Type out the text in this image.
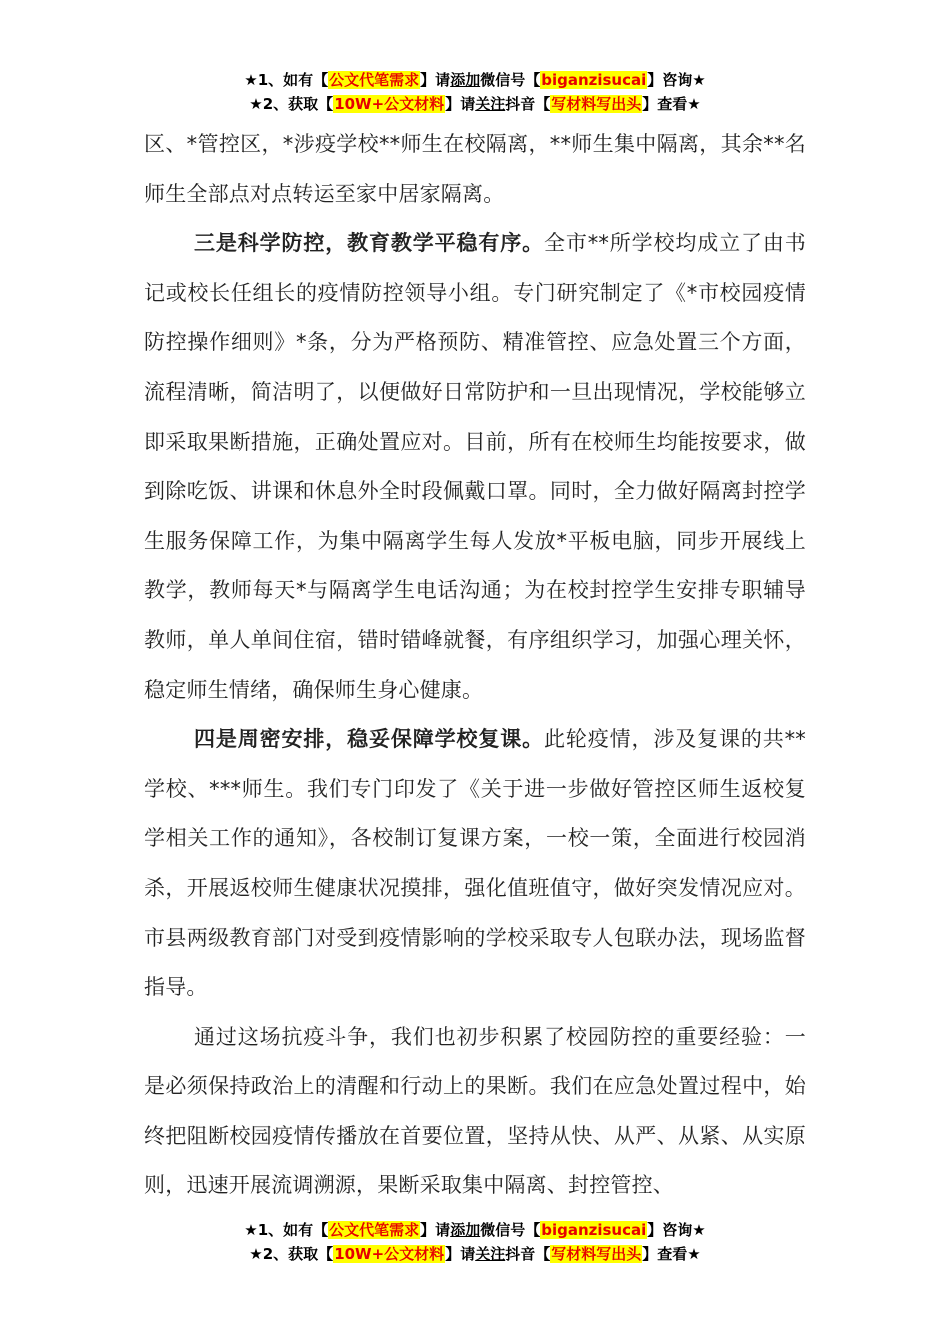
★1、如有【公文代笔需求】请添加微信号【biganzisucai】咨询★
★2、获取【10W+公文材料】请关注抖音【写材料写出头】查看★

区、*管控区，*涉疫学校**师生在校隔离，**师生集中隔离，其余**名师生全部点对点转运至家中居家隔离。

三是科学防控，教育教学平稳有序。全市**所学校均成立了由书记或校长任组长的疫情防控领导小组。专门研究制定了《*市校园疫情防控操作细则》*条，分为严格预防、精准管控、应急处置三个方面，流程清晰，简洁明了，以便做好日常防护和一旦出现情况，学校能够立即采取果断措施，正确处置应对。目前，所有在校师生均能按要求，做到除吃饭、讲课和休息外全时段佩戴口罩。同时，全力做好隔离封控学生服务保障工作，为集中隔离学生每人发放*平板电脑，同步开展线上教学，教师每天*与隔离学生电话沟通；为在校封控学生安排专职辅导教师，单人单间住宿，错时错峰就餐，有序组织学习，加强心理关怀，稳定师生情绪，确保师生身心健康。

四是周密安排，稳妥保障学校复课。此轮疫情，涉及复课的共**学校、***师生。我们专门印发了《关于进一步做好管控区师生返校复学相关工作的通知》，各校制订复课方案，一校一策，全面进行校园消杀，开展返校师生健康状况摸排，强化值班值守，做好突发情况应对。市县两级教育部门对受到疫情影响的学校采取专人包联办法，现场监督指导。

通过这场抗疫斗争，我们也初步积累了校园防控的重要经验：一是必须保持政治上的清醒和行动上的果断。我们在应急处置过程中，始终把阻断校园疫情传播放在首要位置，坚持从快、从严、从紧、从实原则，迅速开展流调溯源，果断采取集中隔离、封控管控、

★1、如有【公文代笔需求】请添加微信号【biganzisucai】咨询★
★2、获取【10W+公文材料】请关注抖音【写材料写出头】查看★
